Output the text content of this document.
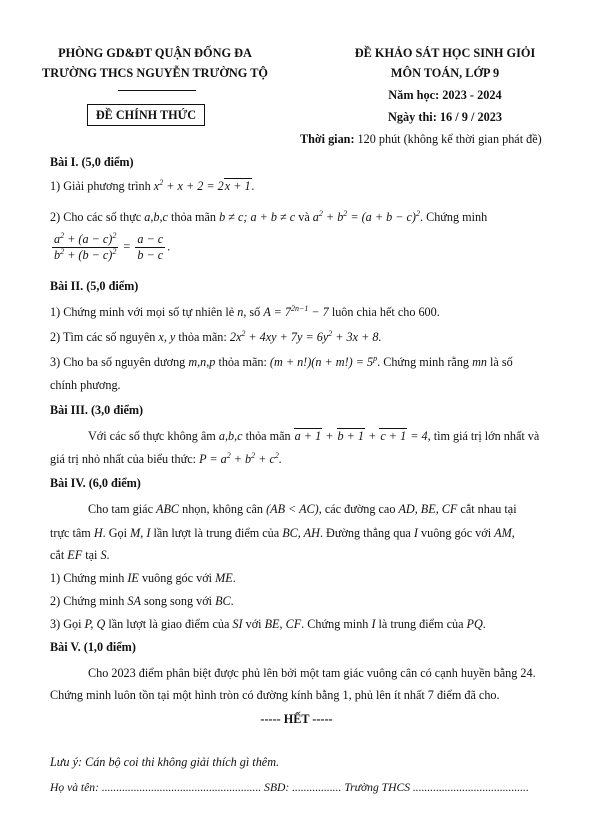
PHÒNG GD&ĐT QUẬN ĐỐNG ĐA
TRƯỜNG THCS NGUYỄN TRƯỜNG TỘ
ĐỀ CHÍNH THỨC
ĐỀ KHẢO SÁT HỌC SINH GIỎI
MÔN TOÁN, LỚP 9
Năm học: 2023 - 2024
Ngày thi: 16 / 9 / 2023
Thời gian: 120 phút (không kể thời gian phát đề)
Bài I. (5,0 điểm)
1) Giải phương trình $x^2 + x + 2 = 2x + 1$.
2) Cho các số thực a,b,c thỏa mãn b ≠ c; a + b ≠ c và $a^2 + b^2 = (a + b - c)^2$. Chứng minh
$\frac{a^2 + (a - c)^2}{b^2 + (b - c)^2} = \frac{a - c}{b - c}$ .
Bài II. (5,0 điểm)
1) Chứng minh với mọi số tự nhiên lẻ n, số $A = 7^{2n-1} - 7$ luôn chia hết cho 600.
2) Tìm các số nguyên x, y thỏa mãn: $2x^2 + 4xy + 7y = 6y^2 + 3x + 8$.
3) Cho ba số nguyên dương m,n,p thỏa mãn: $(m + n!)(n + m!) = 5^p$. Chứng minh rằng mn là số
chính phương.
Bài III. (3,0 điểm)
Với các số thực không âm a,b,c thỏa mãn a + 1 + b + 1 + c + 1 = 4, tìm giá trị lớn nhất và
giá trị nhỏ nhất của biểu thức: $P = a^2 + b^2 + c^2$.
Bài IV. (6,0 điểm)
Cho tam giác ABC nhọn, không cân (AB < AC), các đường cao AD, BE, CF cắt nhau tại
trực tâm H. Gọi M, I lần lượt là trung điểm của BC, AH. Đường thẳng qua I vuông góc với AM,
cắt EF tại S.
1) Chứng minh IE vuông góc với ME.
2) Chứng minh SA song song với BC.
3) Gọi P, Q lần lượt là giao điểm của SI với BE, CF. Chứng minh I là trung điểm của PQ.
Bài V. (1,0 điểm)
Cho 2023 điểm phân biệt được phủ lên bởi một tam giác vuông cân có cạnh huyền bằng 24.
Chứng minh luôn tồn tại một hình tròn có đường kính bằng 1, phủ lên ít nhất 7 điểm đã cho.
----- HẾT -----
Lưu ý: Cán bộ coi thi không giải thích gì thêm.
Họ và tên: ....................................................... SBD: ................. Trường THCS ........................................
